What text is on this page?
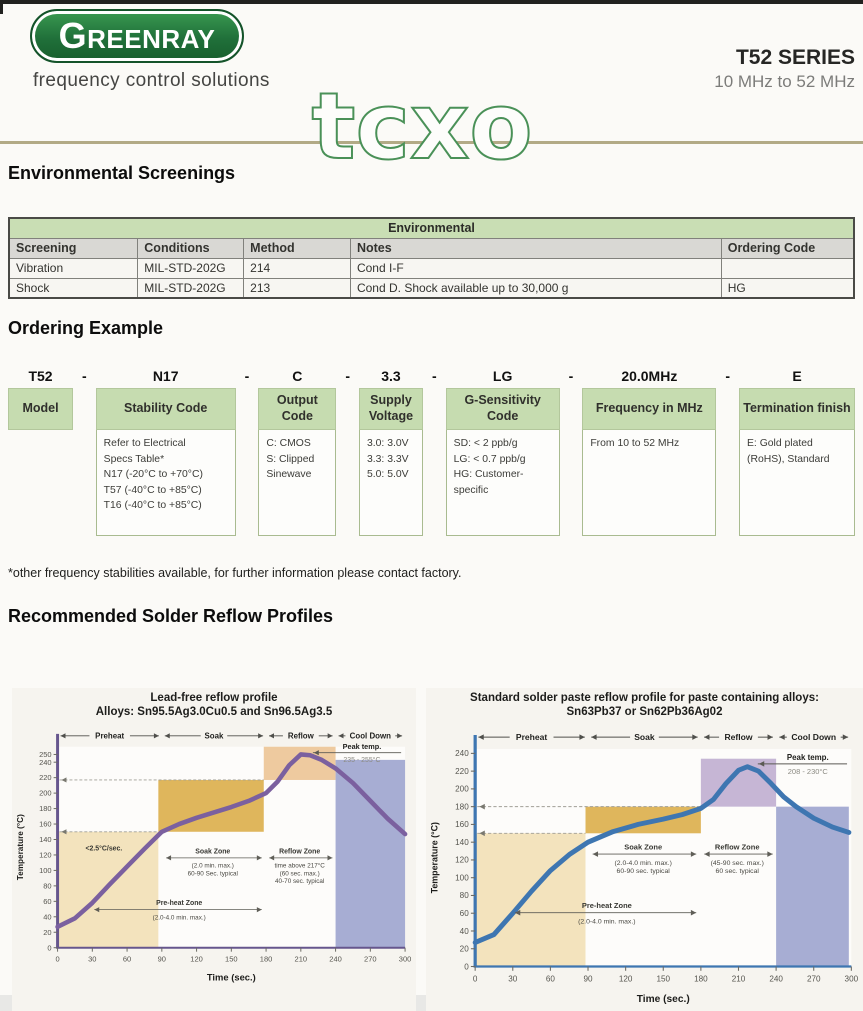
GREENRAY
frequency control solutions
T52 SERIES
10 MHz to 52 MHz
tcxo
Environmental Screenings
Environmental				
Screening	Conditions	Method	Notes	Ordering Code
Vibration	MIL-STD-202G	214	Cond I-F	
Shock	MIL-STD-202G	213	Cond D. Shock available up to 30,000 g	HG
Ordering Example
T52	-
Model
N17	-
Stability Code
Refer to Electrical
Specs Table*
N17 (-20°C to +70°C)
T57 (-40°C to +85°C)
T16 (-40°C to +85°C)
C	-
Output Code
C: CMOS
S: Clipped
Sinewave
3.3	-
Supply Voltage
3.0: 3.0V
3.3: 3.3V
5.0: 5.0V
LG	-
G-Sensitivity Code
SD: < 2 ppb/g
LG: < 0.7 ppb/g
HG: Customer-
specific
20.0MHz	-
Frequency in MHz
From 10 to 52 MHz
E
Termination finish
E: Gold plated
(RoHS), Standard
*other frequency stabilities available, for further information please contact factory.
Recommended Solder Reflow Profiles
Lead-free reflow profile
Alloys: Sn95.5Ag3.0Cu0.5 and Sn96.5Ag3.5
Preheat	Soak	Reflow	Cool Down
0
20
40
60
80
100
120
140
160
180
200
220
240
250
0	30	60	90	120	150	180	210	240	270	300
Time (sec.)
Temperature (°C)	<2.5°C/sec.	Soak Zone
(2.0 min. max.)
60-90 Sec. typical
Reflow Zone
time above 217°C
(60 sec. max.)
40-70 sec. typical
Pre-heat Zone
(2.0-4.0 min. max.)
Peak temp.
235 - 255°C
Standard solder paste reflow profile for paste containing alloys:
Sn63Pb37 or Sn62Pb36Ag02
Preheat	Soak	Reflow	Cool Down
0
20
40
60
80
100
120
140
160
180
200
220
240
0	30	60	90	120	150	180	210	240	270	300
Time (sec.)
Temperature (°C)	Soak Zone
(2.0-4.0 min. max.)
60-90 sec. typical
Reflow Zone
(45-90 sec. max.)
60 sec. typical
Pre-heat Zone
(2.0-4.0 min. max.)
Peak temp.
208 - 230°C
